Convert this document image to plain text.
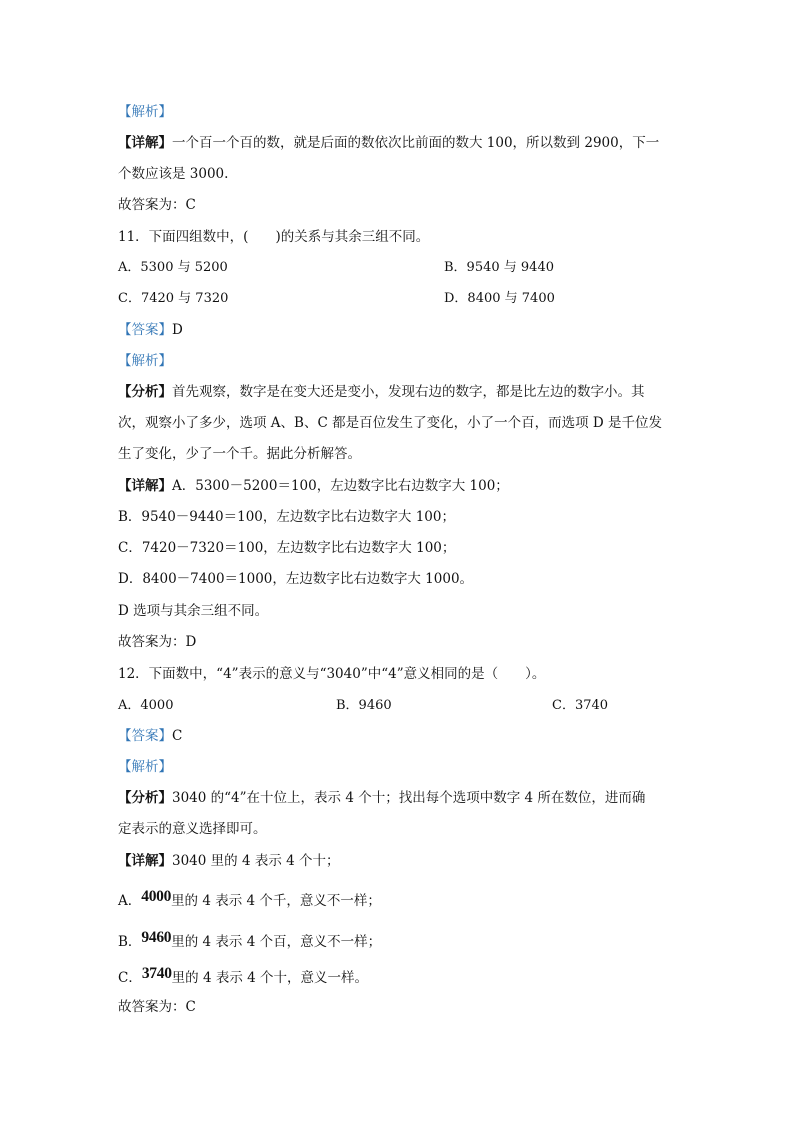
【解析】
【详解】一个百一个百的数，就是后面的数依次比前面的数大 100，所以数到 2900，下一
个数应该是 3000.
故答案为：C
11．下面四组数中，(　　)的关系与其余三组不同。
A．5300 与 5200	B．9540 与 9440
C．7420 与 7320	D．8400 与 7400
【答案】D
【解析】
【分析】首先观察，数字是在变大还是变小，发现右边的数字，都是比左边的数字小。其
次，观察小了多少，选项 A、B、C 都是百位发生了变化，小了一个百，而选项 D 是千位发
生了变化，少了一个千。据此分析解答。
【详解】A．5300－5200＝100，左边数字比右边数字大 100；
B．9540－9440＝100，左边数字比右边数字大 100；
C．7420－7320＝100，左边数字比右边数字大 100；
D．8400－7400＝1000，左边数字比右边数字大 1000。
D 选项与其余三组不同。
故答案为：D
12．下面数中，“4”表示的意义与“3040”中“4”意义相同的是（　　）。
A．4000	B．9460	C．3740
【答案】C
【解析】
【分析】3040 的“4”在十位上，表示 4 个十；找出每个选项中数字 4 所在数位，进而确
定表示的意义选择即可。
【详解】3040 里的 4 表示 4 个十；
A．4000里的 4 表示 4 个千，意义不一样；
B．9460里的 4 表示 4 个百，意义不一样；
C．3740里的 4 表示 4 个十，意义一样。
故答案为：C
